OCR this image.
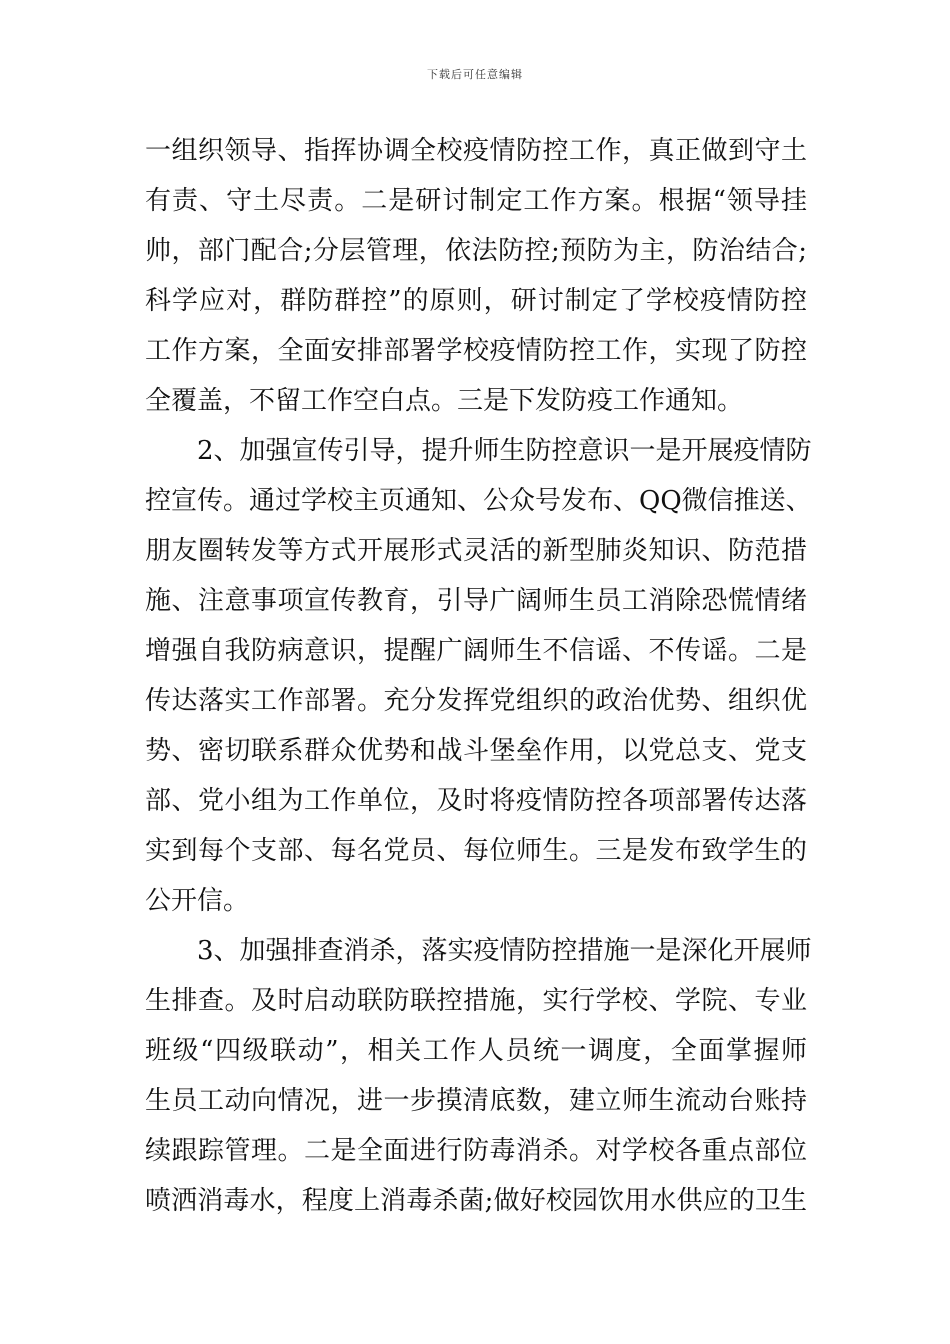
下载后可任意编辑
一组织领导、指挥协调全校疫情防控工作，真正做到守土
有责、守土尽责。二是研讨制定工作方案。根据“领导挂
帅，部门配合;分层管理，依法防控;预防为主，防治结合;
科学应对，群防群控”的原则，研讨制定了学校疫情防控
工作方案，全面安排部署学校疫情防控工作，实现了防控
全覆盖，不留工作空白点。三是下发防疫工作通知。
2、加强宣传引导，提升师生防控意识一是开展疫情防
控宣传。通过学校主页通知、公众号发布、QQ微信推送、
朋友圈转发等方式开展形式灵活的新型肺炎知识、防范措
施、注意事项宣传教育，引导广阔师生员工消除恐慌情绪
增强自我防病意识，提醒广阔师生不信谣、不传谣。二是
传达落实工作部署。充分发挥党组织的政治优势、组织优
势、密切联系群众优势和战斗堡垒作用，以党总支、党支
部、党小组为工作单位，及时将疫情防控各项部署传达落
实到每个支部、每名党员、每位师生。三是发布致学生的
公开信。
3、加强排查消杀，落实疫情防控措施一是深化开展师
生排查。及时启动联防联控措施，实行学校、学院、专业
班级“四级联动”，相关工作人员统一调度，全面掌握师
生员工动向情况，进一步摸清底数，建立师生流动台账持
续跟踪管理。二是全面进行防毒消杀。对学校各重点部位
喷洒消毒水，程度上消毒杀菌;做好校园饮用水供应的卫生
